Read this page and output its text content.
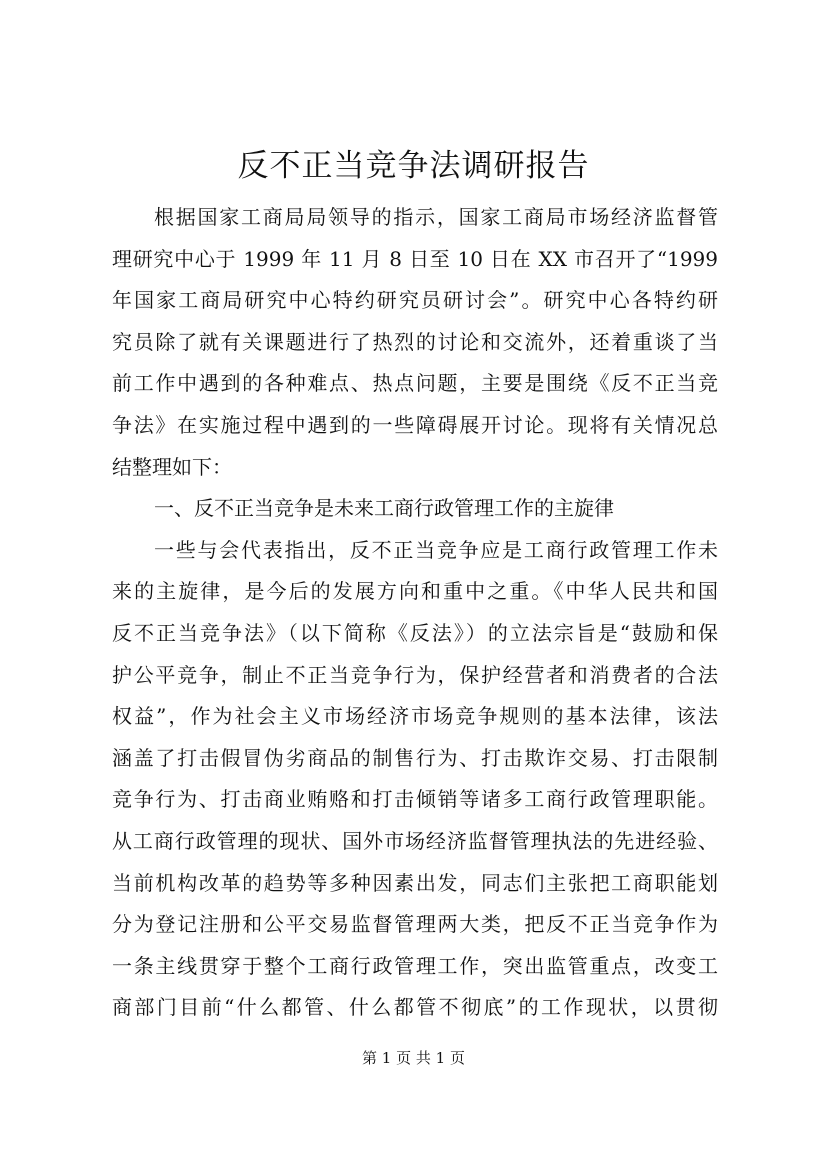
反不正当竞争法调研报告
根据国家工商局局领导的指示，国家工商局市场经济监督管
理研究中心于 1999 年 11 月 8 日至 10 日在 XX 市召开了“1999
年国家工商局研究中心特约研究员研讨会”。研究中心各特约研
究员除了就有关课题进行了热烈的讨论和交流外，还着重谈了当
前工作中遇到的各种难点、热点问题，主要是围绕《反不正当竞
争法》在实施过程中遇到的一些障碍展开讨论。现将有关情况总
结整理如下：
一、反不正当竞争是未来工商行政管理工作的主旋律
一些与会代表指出，反不正当竞争应是工商行政管理工作未
来的主旋律，是今后的发展方向和重中之重。《中华人民共和国
反不正当竞争法》（以下简称《反法》）的立法宗旨是“鼓励和保
护公平竞争，制止不正当竞争行为，保护经营者和消费者的合法
权益”，作为社会主义市场经济市场竞争规则的基本法律，该法
涵盖了打击假冒伪劣商品的制售行为、打击欺诈交易、打击限制
竞争行为、打击商业贿赂和打击倾销等诸多工商行政管理职能。
从工商行政管理的现状、国外市场经济监督管理执法的先进经验、
当前机构改革的趋势等多种因素出发，同志们主张把工商职能划
分为登记注册和公平交易监督管理两大类，把反不正当竞争作为
一条主线贯穿于整个工商行政管理工作，突出监管重点，改变工
商部门目前“什么都管、什么都管不彻底”的工作现状，以贯彻
第 1 页 共 1 页
